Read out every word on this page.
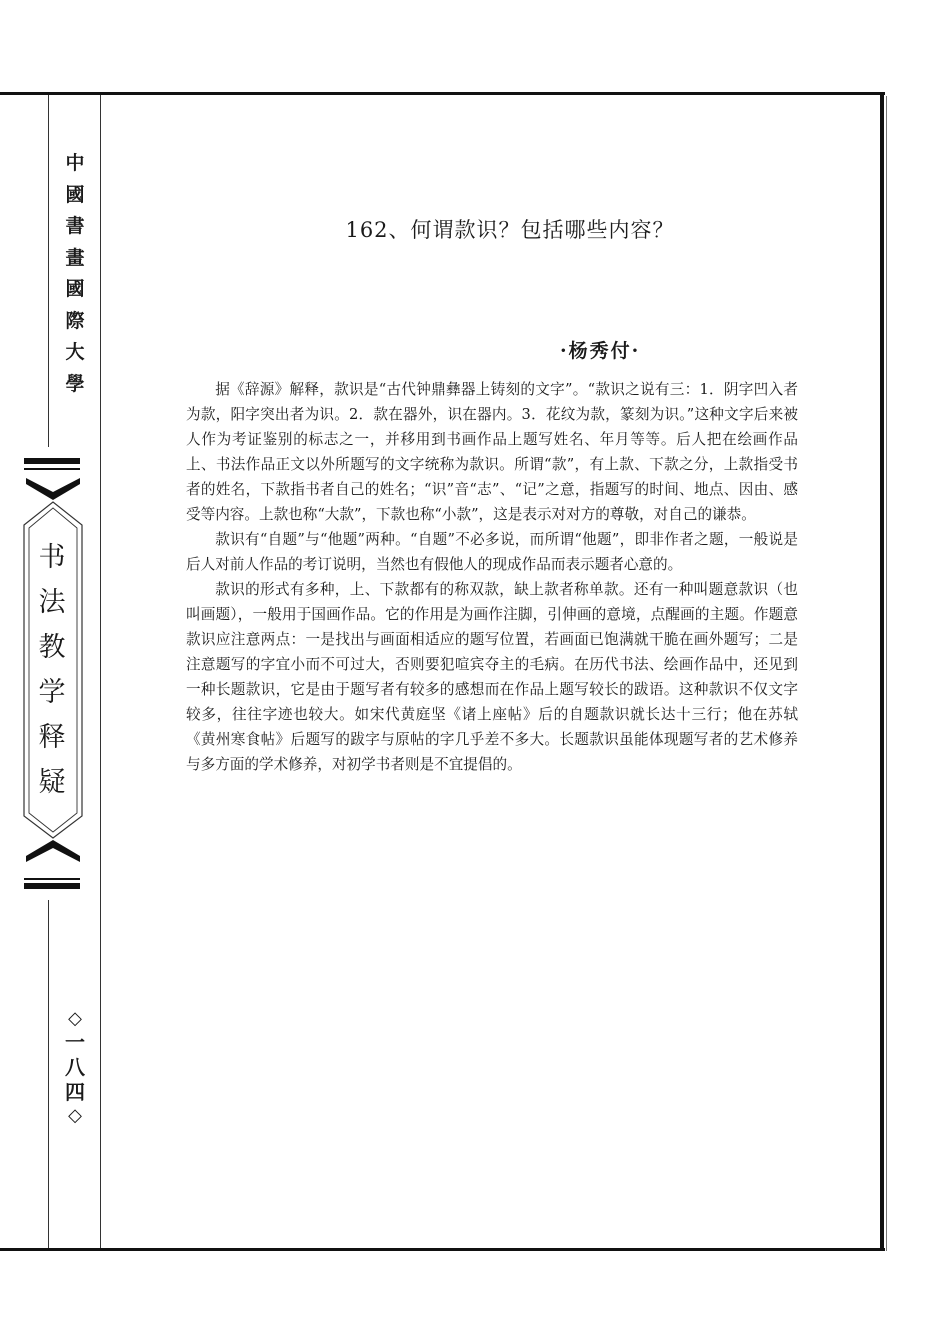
中
國
書
畫
國
際
大
學
书
法
教
学
释
疑
◇
一
八
四
◇
162、何谓款识？包括哪些内容？
·杨秀付·

据《辞源》解释，款识是“古代钟鼎彝器上铸刻的文字”。“款识之说有三：1．阴字凹入者为款，阳字突出者为识。2．款在器外，识在器内。3．花纹为款，篆刻为识。”这种文字后来被人作为考证鉴别的标志之一，并移用到书画作品上题写姓名、年月等等。后人把在绘画作品上、书法作品正文以外所题写的文字统称为款识。所谓“款”，有上款、下款之分，上款指受书者的姓名，下款指书者自己的姓名；“识”音“志”、“记”之意，指题写的时间、地点、因由、感受等内容。上款也称“大款”，下款也称“小款”，这是表示对对方的尊敬，对自己的谦恭。

款识有“自题”与“他题”两种。“自题”不必多说，而所谓“他题”，即非作者之题，一般说是后人对前人作品的考订说明，当然也有假他人的现成作品而表示题者心意的。

款识的形式有多种，上、下款都有的称双款，缺上款者称单款。还有一种叫题意款识（也叫画题），一般用于国画作品。它的作用是为画作注脚，引伸画的意境，点醒画的主题。作题意款识应注意两点：一是找出与画面相适应的题写位置，若画面已饱满就干脆在画外题写；二是注意题写的字宜小而不可过大，否则要犯喧宾夺主的毛病。在历代书法、绘画作品中，还见到一种长题款识，它是由于题写者有较多的感想而在作品上题写较长的跋语。这种款识不仅文字较多，往往字迹也较大。如宋代黄庭坚《诸上座帖》后的自题款识就长达十三行；他在苏轼《黄州寒食帖》后题写的跋字与原帖的字几乎差不多大。长题款识虽能体现题写者的艺术修养与多方面的学术修养，对初学书者则是不宜提倡的。
